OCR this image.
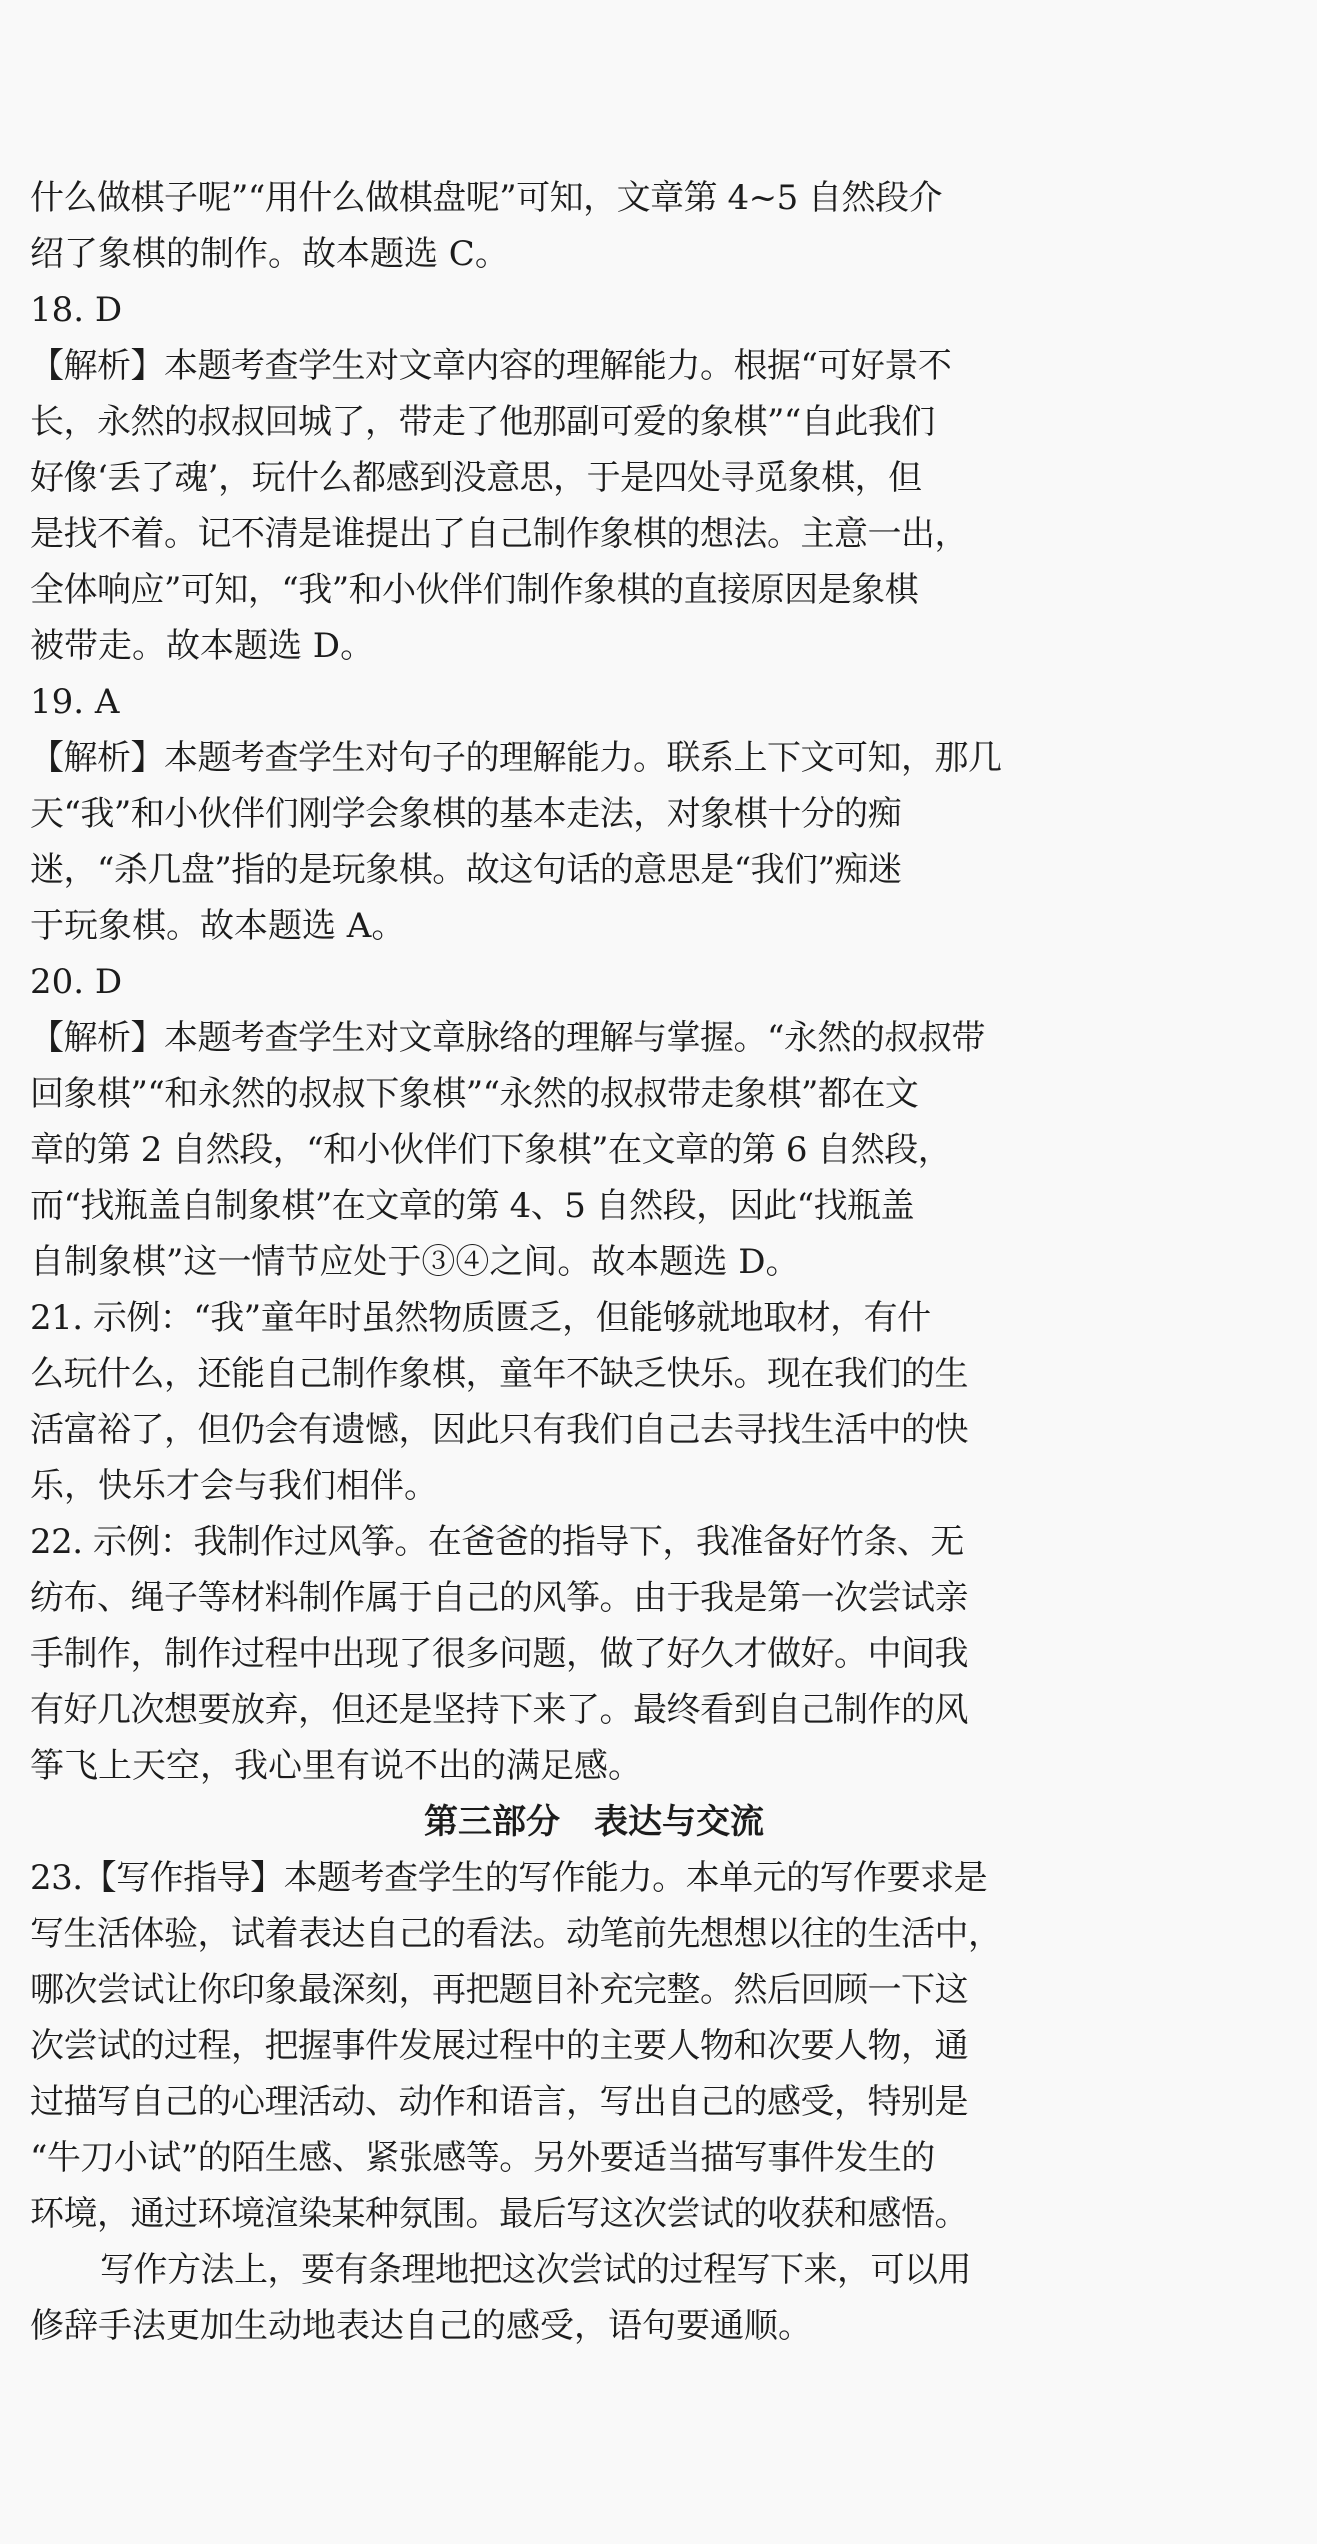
什么做棋子呢”“用什么做棋盘呢”可知，文章第 4~5 自然段介
绍了象棋的制作。故本题选 C。
18. D
【解析】本题考查学生对文章内容的理解能力。根据“可好景不
长，永然的叔叔回城了，带走了他那副可爱的象棋”“自此我们
好像‘丢了魂’，玩什么都感到没意思，于是四处寻觅象棋，但
是找不着。记不清是谁提出了自己制作象棋的想法。主意一出，
全体响应”可知，“我”和小伙伴们制作象棋的直接原因是象棋
被带走。故本题选 D。
19. A
【解析】本题考查学生对句子的理解能力。联系上下文可知，那几
天“我”和小伙伴们刚学会象棋的基本走法，对象棋十分的痴
迷，“杀几盘”指的是玩象棋。故这句话的意思是“我们”痴迷
于玩象棋。故本题选 A。
20. D
【解析】本题考查学生对文章脉络的理解与掌握。“永然的叔叔带
回象棋”“和永然的叔叔下象棋”“永然的叔叔带走象棋”都在文
章的第 2 自然段，“和小伙伴们下象棋”在文章的第 6 自然段，
而“找瓶盖自制象棋”在文章的第 4、5 自然段，因此“找瓶盖
自制象棋”这一情节应处于③④之间。故本题选 D。
21. 示例：“我”童年时虽然物质匮乏，但能够就地取材，有什
么玩什么，还能自己制作象棋，童年不缺乏快乐。现在我们的生
活富裕了，但仍会有遗憾，因此只有我们自己去寻找生活中的快
乐，快乐才会与我们相伴。
22. 示例：我制作过风筝。在爸爸的指导下，我准备好竹条、无
纺布、绳子等材料制作属于自己的风筝。由于我是第一次尝试亲
手制作，制作过程中出现了很多问题，做了好久才做好。中间我
有好几次想要放弃，但还是坚持下来了。最终看到自己制作的风
筝飞上天空，我心里有说不出的满足感。
第三部分　表达与交流
23.【写作指导】本题考查学生的写作能力。本单元的写作要求是
写生活体验，试着表达自己的看法。动笔前先想想以往的生活中，
哪次尝试让你印象最深刻，再把题目补充完整。然后回顾一下这
次尝试的过程，把握事件发展过程中的主要人物和次要人物，通
过描写自己的心理活动、动作和语言，写出自己的感受，特别是
“牛刀小试”的陌生感、紧张感等。另外要适当描写事件发生的
环境，通过环境渲染某种氛围。最后写这次尝试的收获和感悟。
写作方法上，要有条理地把这次尝试的过程写下来，可以用
修辞手法更加生动地表达自己的感受，语句要通顺。
